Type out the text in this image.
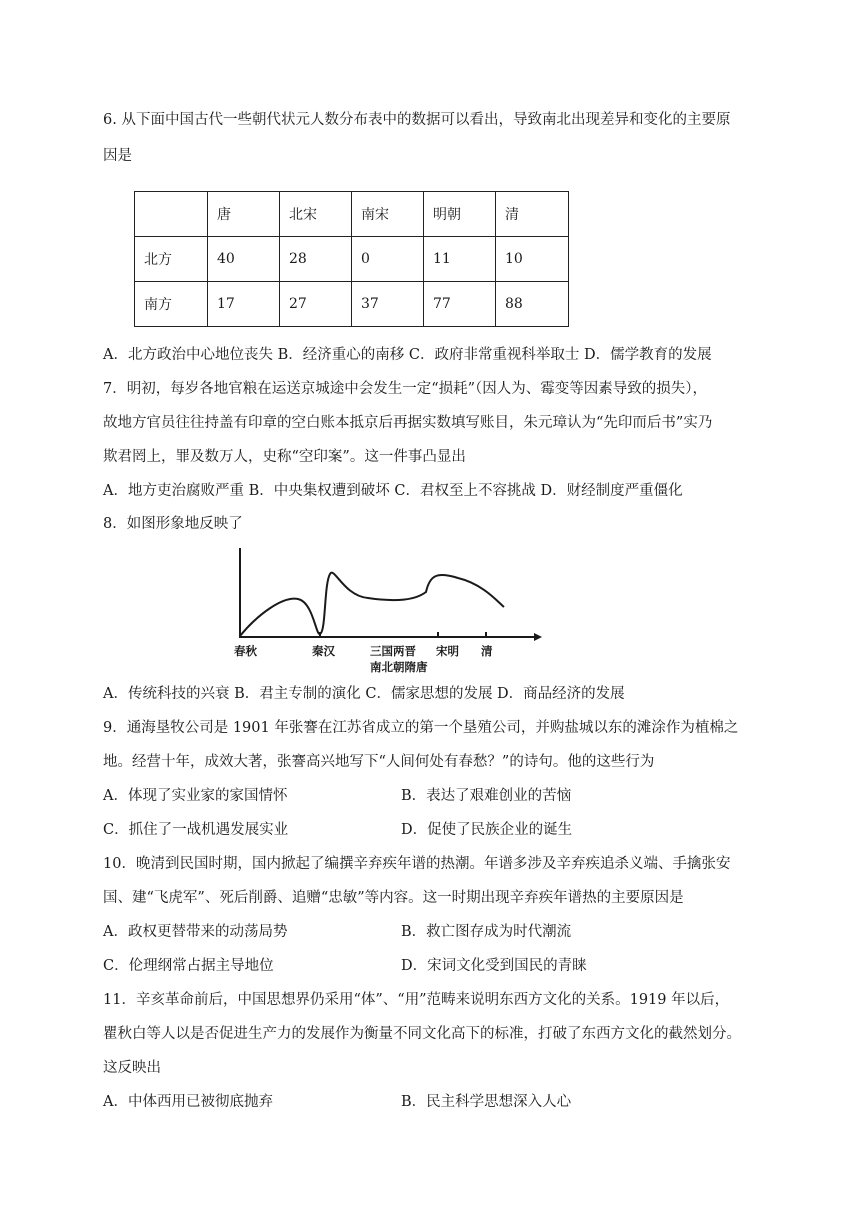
6. 从下面中国古代一些朝代状元人数分布表中的数据可以看出，导致南北出现差异和变化的主要原
因是
	唐	北宋	南宋	明朝	清
北方	40	28	0	11	10
南方	17	27	37	77	88
A．北方政治中心地位丧失 B．经济重心的南移 C．政府非常重视科举取士 D．儒学教育的发展
7．明初，每岁各地官粮在运送京城途中会发生一定“损耗”（因人为、霉变等因素导致的损失），
故地方官员往往持盖有印章的空白账本抵京后再据实数填写账目，朱元璋认为“先印而后书”实乃
欺君罔上，罪及数万人，史称“空印案”。这一件事凸显出
A．地方吏治腐败严重 B．中央集权遭到破坏 C．君权至上不容挑战 D．财经制度严重僵化
8．如图形象地反映了
春秋	秦汉	三国两晋 宋明 清
南北朝隋唐
A．传统科技的兴衰 B．君主专制的演化 C．儒家思想的发展 D．商品经济的发展
9．通海垦牧公司是 1901 年张謇在江苏省成立的第一个垦殖公司，并购盐城以东的滩涂作为植棉之
地。经营十年，成效大著，张謇高兴地写下“人间何处有春愁？”的诗句。他的这些行为
A．体现了实业家的家国情怀	B．表达了艰难创业的苦恼
C．抓住了一战机遇发展实业	D．促使了民族企业的诞生
10．晚清到民国时期，国内掀起了编撰辛弃疾年谱的热潮。年谱多涉及辛弃疾追杀义端、手擒张安
国、建“飞虎军”、死后削爵、追赠“忠敏”等内容。这一时期出现辛弃疾年谱热的主要原因是
A．政权更替带来的动荡局势	B．救亡图存成为时代潮流
C．伦理纲常占据主导地位	D．宋词文化受到国民的青睐
11．辛亥革命前后，中国思想界仍采用“体”、“用”范畴来说明东西方文化的关系。1919 年以后，
瞿秋白等人以是否促进生产力的发展作为衡量不同文化高下的标准，打破了东西方文化的截然划分。
这反映出
A．中体西用已被彻底抛弃	B．民主科学思想深入人心
